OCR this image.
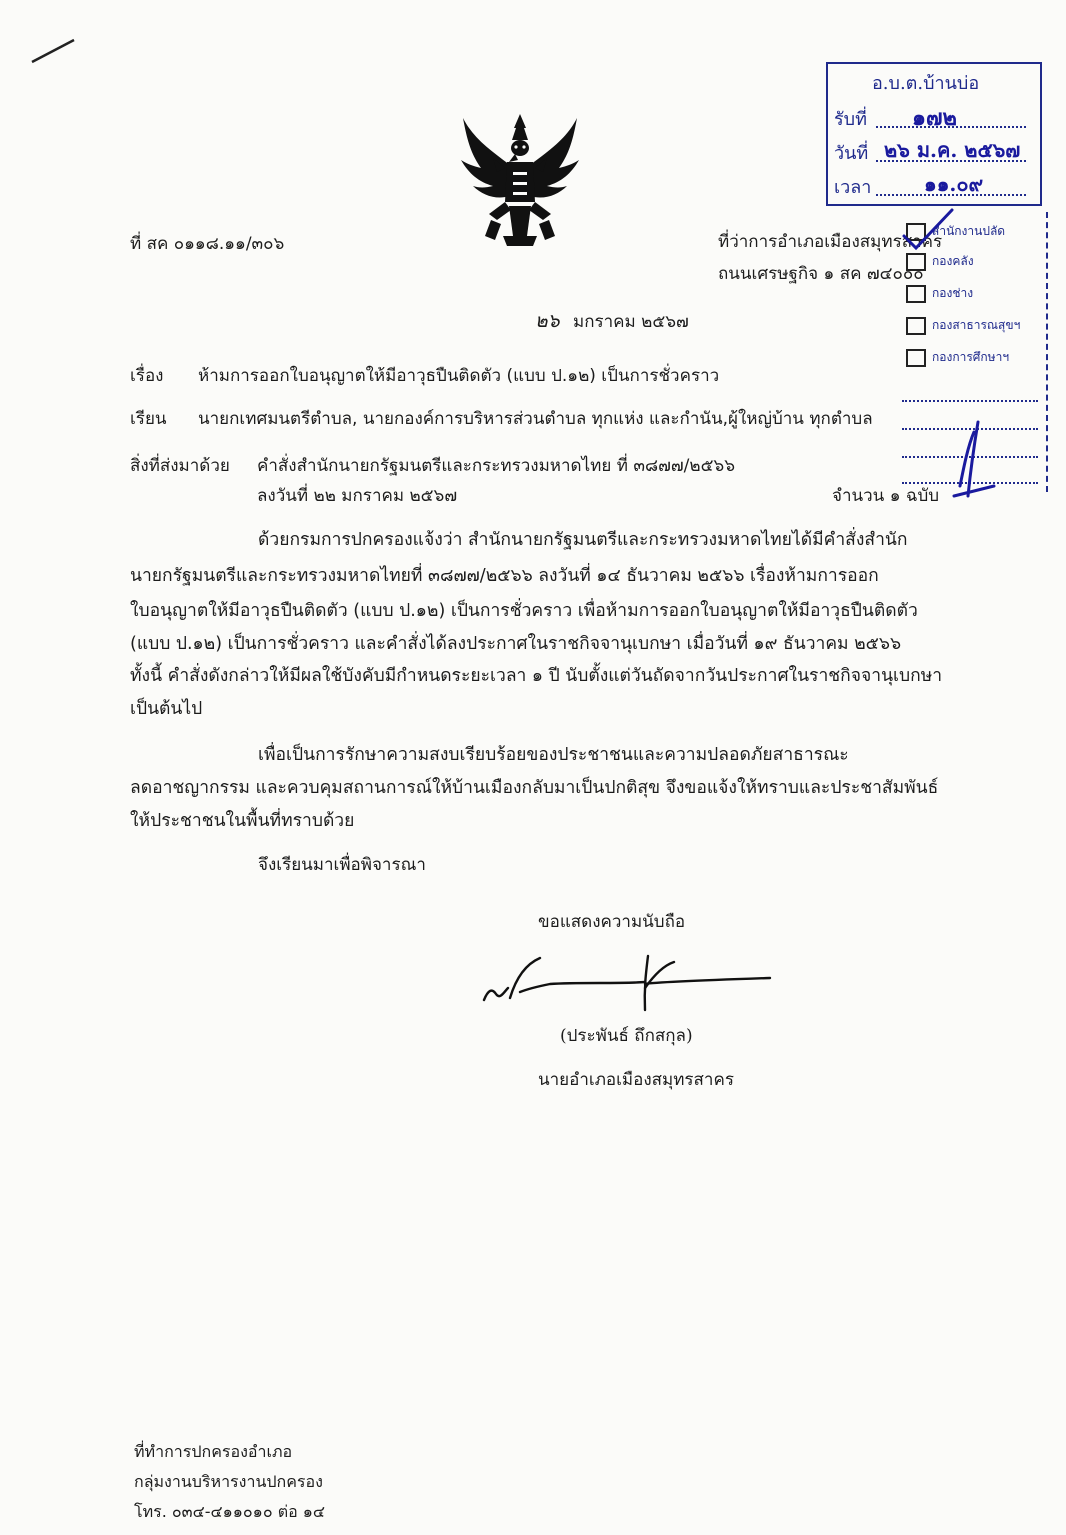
ที่ สค ๐๑๑๘.๑๑/๓๐๖	ที่ว่าการอำเภอเมืองสมุทรสาคร
ถนนเศรษฐกิจ ๑ สค ๗๔๐๐๐
๒๖ มกราคม ๒๕๖๗
เรื่อง ห้ามการออกใบอนุญาตให้มีอาวุธปืนติดตัว (แบบ ป.๑๒) เป็นการชั่วคราว
เรียน นายกเทศมนตรีตำบล, นายกองค์การบริหารส่วนตำบล ทุกแห่ง และกำนัน,ผู้ใหญ่บ้าน ทุกตำบล
สิ่งที่ส่งมาด้วย คำสั่งสำนักนายกรัฐมนตรีและกระทรวงมหาดไทย ที่ ๓๘๗๗/๒๕๖๖
ลงวันที่ ๒๒ มกราคม ๒๕๖๗	จำนวน ๑ ฉบับ
ด้วยกรมการปกครองแจ้งว่า สำนักนายกรัฐมนตรีและกระทรวงมหาดไทยได้มีคำสั่งสำนัก
นายกรัฐมนตรีและกระทรวงมหาดไทยที่ ๓๘๗๗/๒๕๖๖ ลงวันที่ ๑๔ ธันวาคม ๒๕๖๖ เรื่องห้ามการออก
ใบอนุญาตให้มีอาวุธปืนติดตัว (แบบ ป.๑๒) เป็นการชั่วคราว เพื่อห้ามการออกใบอนุญาตให้มีอาวุธปืนติดตัว
(แบบ ป.๑๒) เป็นการชั่วคราว และคำสั่งได้ลงประกาศในราชกิจจานุเบกษา เมื่อวันที่ ๑๙ ธันวาคม ๒๕๖๖
ทั้งนี้ คำสั่งดังกล่าวให้มีผลใช้บังคับมีกำหนดระยะเวลา ๑ ปี นับตั้งแต่วันถัดจากวันประกาศในราชกิจจานุเบกษา
เป็นต้นไป
เพื่อเป็นการรักษาความสงบเรียบร้อยของประชาชนและความปลอดภัยสาธารณะ
ลดอาชญากรรม และควบคุมสถานการณ์ให้บ้านเมืองกลับมาเป็นปกติสุข จึงขอแจ้งให้ทราบและประชาสัมพันธ์
ให้ประชาชนในพื้นที่ทราบด้วย
จึงเรียนมาเพื่อพิจารณา
ขอแสดงความนับถือ
(ประพันธ์ ถึกสกุล)
นายอำเภอเมืองสมุทรสาคร
ที่ทำการปกครองอำเภอ
กลุ่มงานบริหารงานปกครอง
โทร. ๐๓๔-๔๑๑๐๑๐ ต่อ ๑๔
อ.บ.ต.บ้านบ่อ
รับที่ ๑๗๒
วันที่ ๒๖ ม.ค. ๒๕๖๗
เวลา	๑๑.๐๙
สำนักงานปลัด
กองคลัง
กองช่าง
กองสาธารณสุขฯ
กองการศึกษาฯ
